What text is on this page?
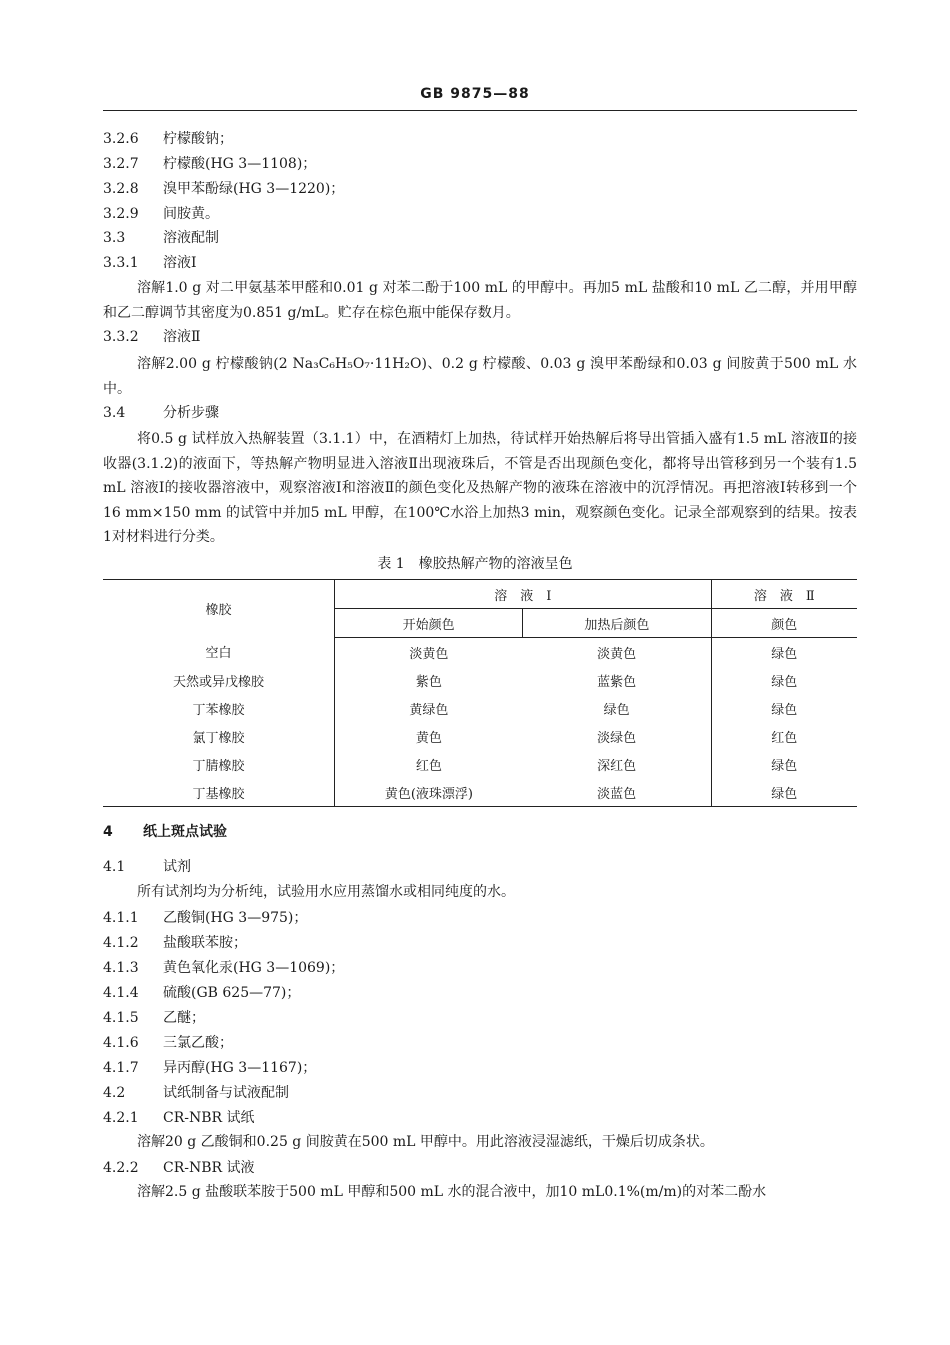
GB 9875—88
3.2.6 柠檬酸钠；
3.2.7 柠檬酸(HG 3—1108)；
3.2.8 溴甲苯酚绿(HG 3—1220)；
3.2.9 间胺黄。
3.3	溶液配制
3.3.1 溶液Ⅰ
溶解1.0 g 对二甲氨基苯甲醛和0.01 g 对苯二酚于100 mL 的甲醇中。再加5 mL 盐酸和10 mL 乙二醇，并用甲醇和乙二醇调节其密度为0.851 g/mL。贮存在棕色瓶中能保存数月。
3.3.2 溶液Ⅱ
溶解2.00 g 柠檬酸钠(2 Na₃C₆H₅O₇·11H₂O)、0.2 g 柠檬酸、0.03 g 溴甲苯酚绿和0.03 g 间胺黄于500 mL 水中。
3.4	分析步骤
将0.5 g 试样放入热解装置（3.1.1）中，在酒精灯上加热，待试样开始热解后将导出管插入盛有1.5 mL 溶液Ⅱ的接收器(3.1.2)的液面下，等热解产物明显进入溶液Ⅱ出现液珠后，不管是否出现颜色变化，都将导出管移到另一个装有1.5 mL 溶液Ⅰ的接收器溶液中，观察溶液Ⅰ和溶液Ⅱ的颜色变化及热解产物的液珠在溶液中的沉浮情况。再把溶液Ⅰ转移到一个16 mm×150 mm 的试管中并加5 mL 甲醇，在100℃水浴上加热3 min，观察颜色变化。记录全部观察到的结果。按表1对材料进行分类。
表 1　橡胶热解产物的溶液呈色
橡胶	溶　液　Ⅰ		溶　液　Ⅱ
	开始颜色	加热后颜色	颜色
空白	淡黄色	淡黄色	绿色
天然或异戊橡胶	紫色	蓝紫色	绿色
丁苯橡胶	黄绿色	绿色	绿色
氯丁橡胶	黄色	淡绿色	红色
丁腈橡胶	红色	深红色	绿色
丁基橡胶	黄色(液珠漂浮)	淡蓝色	绿色
4 纸上斑点试验
4.1	试剂
所有试剂均为分析纯，试验用水应用蒸馏水或相同纯度的水。
4.1.1 乙酸铜(HG 3—975)；
4.1.2 盐酸联苯胺；
4.1.3 黄色氧化汞(HG 3—1069)；
4.1.4 硫酸(GB 625—77)；
4.1.5 乙醚；
4.1.6 三氯乙酸；
4.1.7 异丙醇(HG 3—1167)；
4.2	试纸制备与试液配制
4.2.1 CR-NBR 试纸
溶解20 g 乙酸铜和0.25 g 间胺黄在500 mL 甲醇中。用此溶液浸湿滤纸，干燥后切成条状。
4.2.2 CR-NBR 试液
溶解2.5 g 盐酸联苯胺于500 mL 甲醇和500 mL 水的混合液中，加10 mL0.1%(m/m)的对苯二酚水
